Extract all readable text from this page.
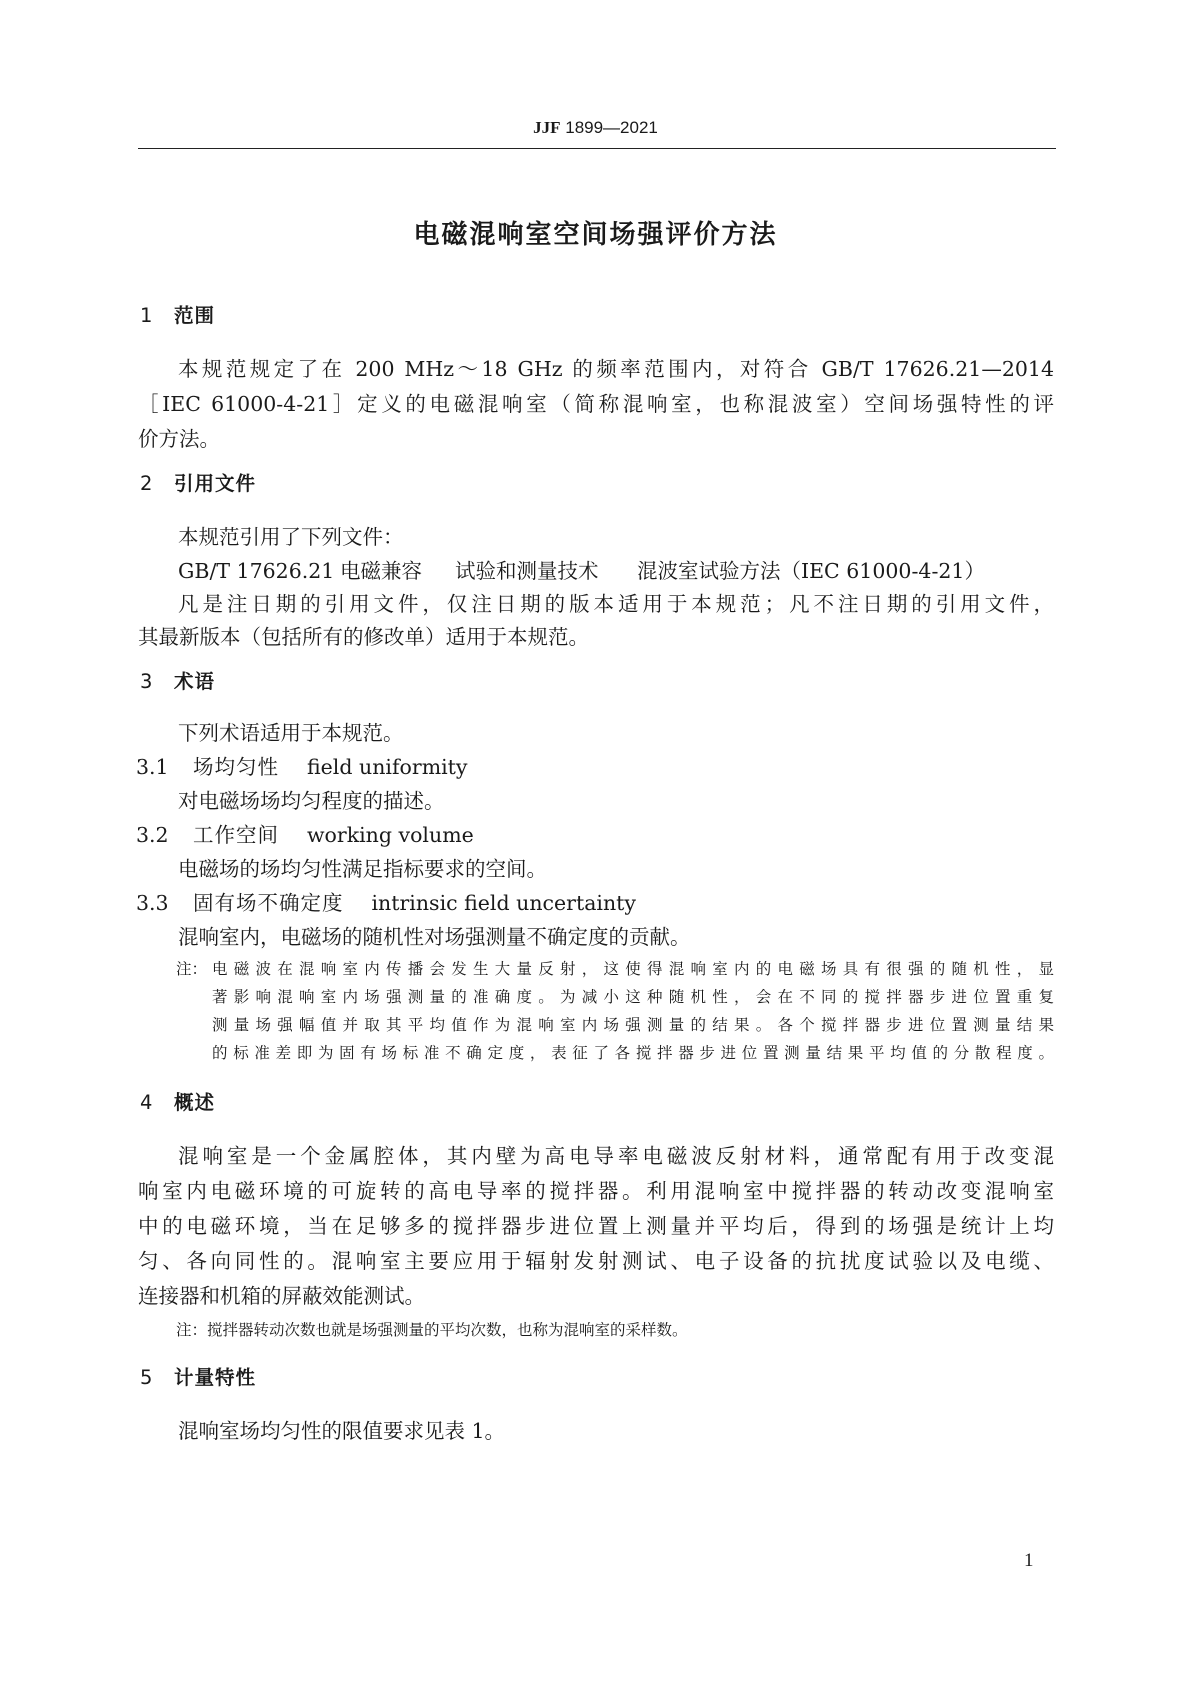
JJF 1899—2021
电磁混响室空间场强评价方法
1 范围

本规范规定了在 200 MHz～18 GHz 的频率范围内，对符合 GB/T 17626.21—2014

［IEC 61000-4-21］定义的电磁混响室（简称混响室，也称混波室）空间场强特性的评

价方法。

2 引用文件

本规范引用了下列文件：

GB/T 17626.21 电磁兼容 试验和测量技术 混波室试验方法（IEC 61000-4-21）

凡是注日期的引用文件，仅注日期的版本适用于本规范；凡不注日期的引用文件，

其最新版本（包括所有的修改单）适用于本规范。

3 术语

下列术语适用于本规范。

3.1 场均匀性 field uniformity

对电磁场场均匀程度的描述。

3.2 工作空间 working volume

电磁场的场均匀性满足指标要求的空间。

3.3 固有场不确定度 intrinsic field uncertainty

混响室内，电磁场的随机性对场强测量不确定度的贡献。

注： 电磁波在混响室内传播会发生大量反射，这使得混响室内的电磁场具有很强的随机性，显

著影响混响室内场强测量的准确度。为减小这种随机性，会在不同的搅拌器步进位置重复

测量场强幅值并取其平均值作为混响室内场强测量的结果。各个搅拌器步进位置测量结果

的标准差即为固有场标准不确定度，表征了各搅拌器步进位置测量结果平均值的分散程度。

4 概述

混响室是一个金属腔体，其内壁为高电导率电磁波反射材料，通常配有用于改变混

响室内电磁环境的可旋转的高电导率的搅拌器。利用混响室中搅拌器的转动改变混响室

中的电磁环境，当在足够多的搅拌器步进位置上测量并平均后，得到的场强是统计上均

匀、各向同性的。混响室主要应用于辐射发射测试、电子设备的抗扰度试验以及电缆、

连接器和机箱的屏蔽效能测试。

注：搅拌器转动次数也就是场强测量的平均次数，也称为混响室的采样数。

5 计量特性

混响室场均匀性的限值要求见表 1。

1
